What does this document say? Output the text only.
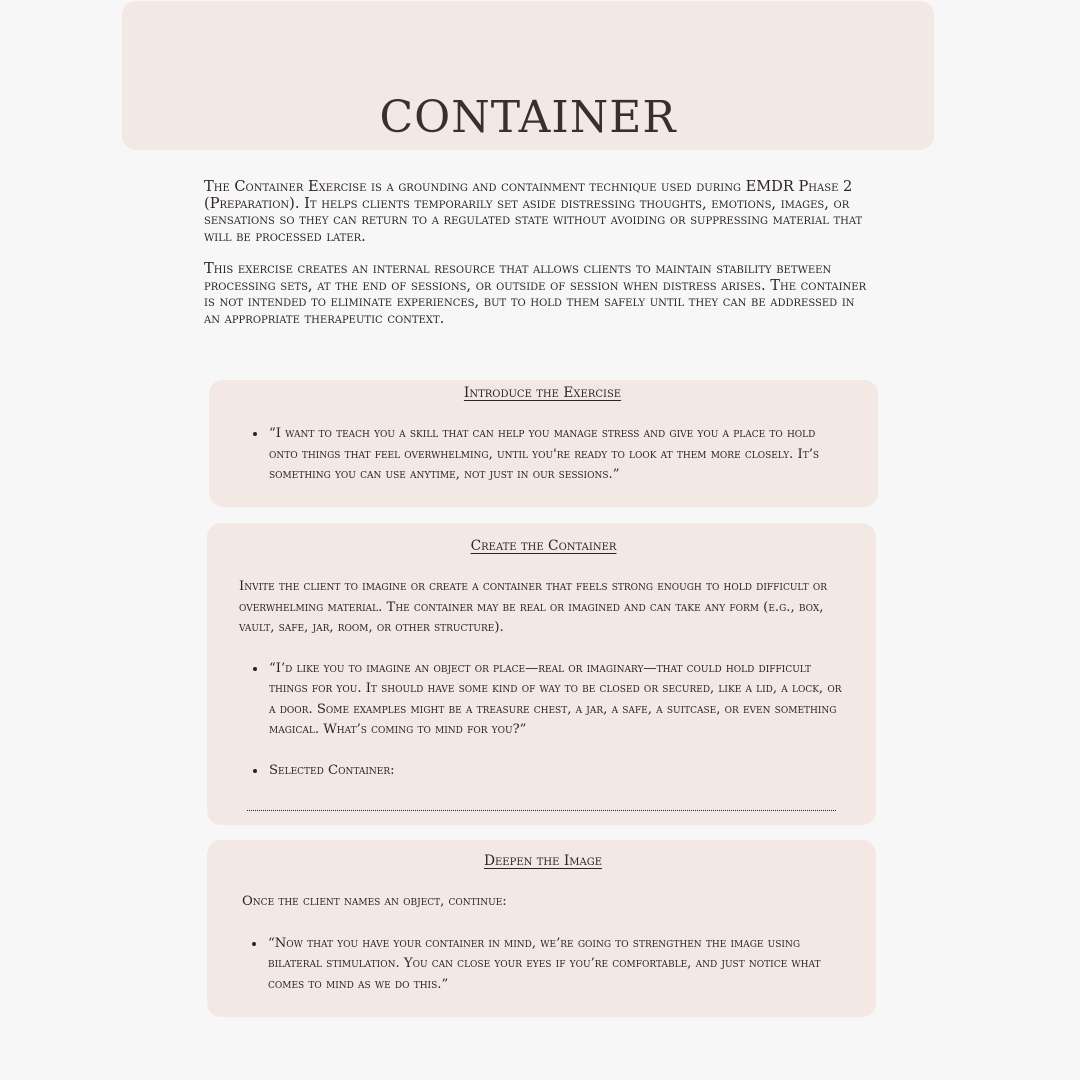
CONTAINER

The Container Exercise is a grounding and containment technique used during EMDR Phase 2 (Preparation). It helps clients temporarily set aside distressing thoughts, emotions, images, or sensations so they can return to a regulated state without avoiding or suppressing material that will be processed later.

This exercise creates an internal resource that allows clients to maintain stability between processing sets, at the end of sessions, or outside of session when distress arises. The container is not intended to eliminate experiences, but to hold them safely until they can be addressed in an appropriate therapeutic context.

Introduce the Exercise
• “I want to teach you a skill that can help you manage stress and give you a place to hold onto things that feel overwhelming, until you're ready to look at them more closely. It’s something you can use anytime, not just in our sessions.”
Create the Container

Invite the client to imagine or create a container that feels strong enough to hold difficult or overwhelming material. The container may be real or imagined and can take any form (e.g., box, vault, safe, jar, room, or other structure).

• “I’d like you to imagine an object or place—real or imaginary—that could hold difficult things for you. It should have some kind of way to be closed or secured, like a lid, a lock, or a door. Some examples might be a treasure chest, a jar, a safe, a suitcase, or even something magical. What’s coming to mind for you?”
• Selected Container:
Deepen the Image

Once the client names an object, continue:

• “Now that you have your container in mind, we’re going to strengthen the image using bilateral stimulation. You can close your eyes if you’re comfortable, and just notice what comes to mind as we do this.”
